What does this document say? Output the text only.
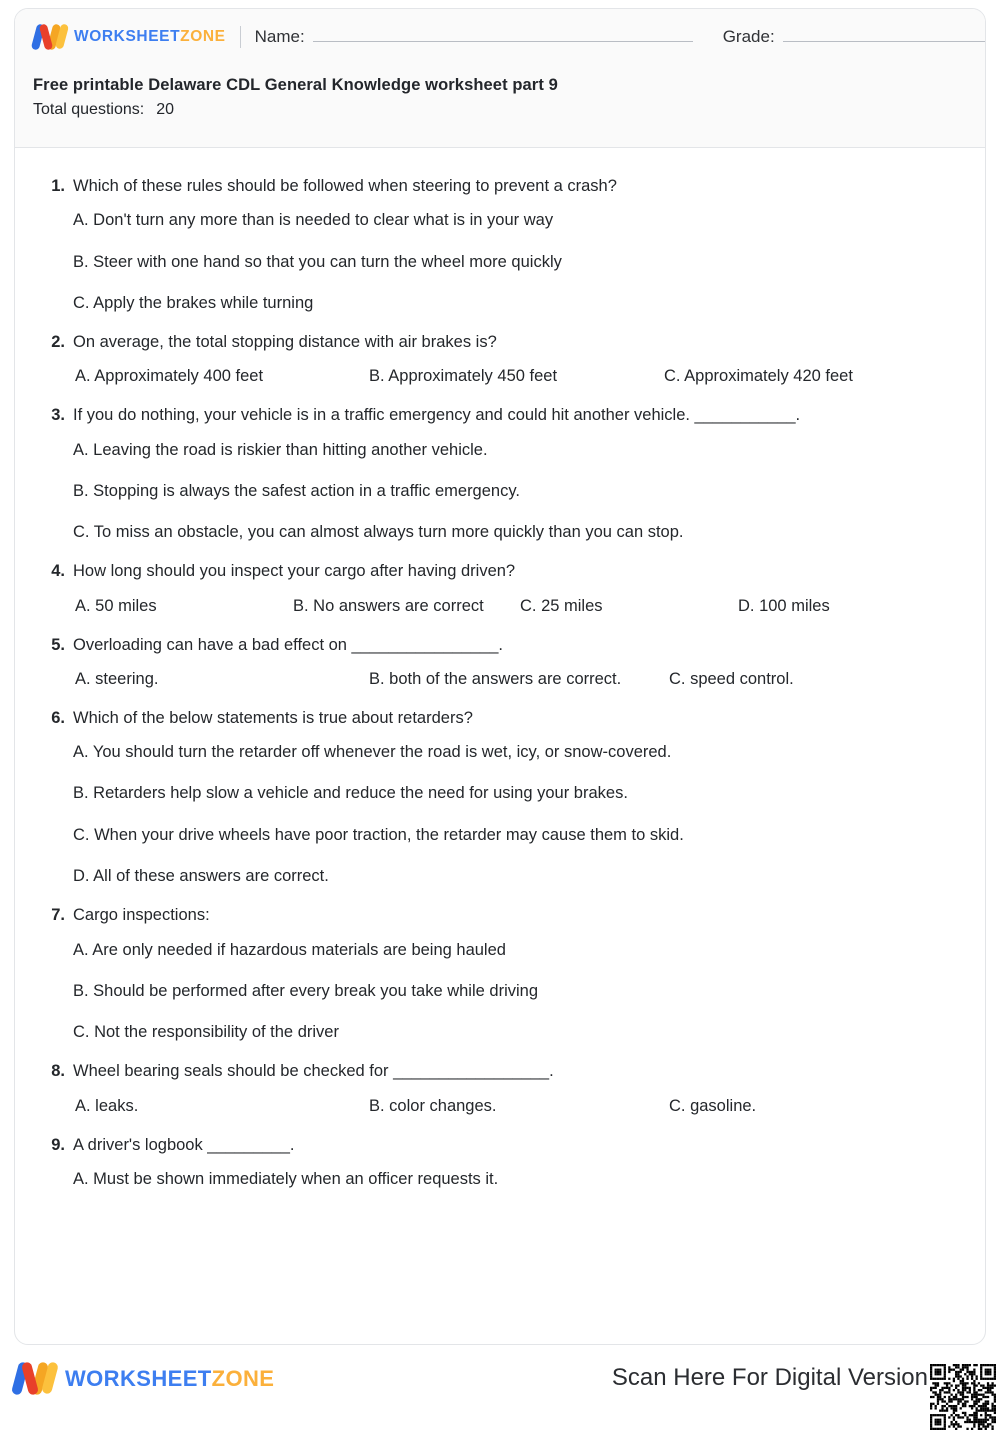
WORKSHEETZONE Name:	Grade:
Free printable Delaware CDL General Knowledge worksheet part 9
Total questions: 20
1. Which of these rules should be followed when steering to prevent a crash?
A. Don't turn any more than is needed to clear what is in your way
B. Steer with one hand so that you can turn the wheel more quickly
C. Apply the brakes while turning
2. On average, the total stopping distance with air brakes is?
A. Approximately 400 feet	B. Approximately 450 feet	C. Approximately 420 feet
3. If you do nothing, your vehicle is in a traffic emergency and could hit another vehicle. ___________.
A. Leaving the road is riskier than hitting another vehicle.
B. Stopping is always the safest action in a traffic emergency.
C. To miss an obstacle, you can almost always turn more quickly than you can stop.
4. How long should you inspect your cargo after having driven?
A. 50 miles	B. No answers are correct C. 25 miles	D. 100 miles
5. Overloading can have a bad effect on ________________.
A. steering.	B. both of the answers are correct.	C. speed control.
6. Which of the below statements is true about retarders?
A. You should turn the retarder off whenever the road is wet, icy, or snow-covered.
B. Retarders help slow a vehicle and reduce the need for using your brakes.
C. When your drive wheels have poor traction, the retarder may cause them to skid.
D. All of these answers are correct.
7. Cargo inspections:
A. Are only needed if hazardous materials are being hauled
B. Should be performed after every break you take while driving
C. Not the responsibility of the driver
8. Wheel bearing seals should be checked for _________________.
A. leaks.	B. color changes.	C. gasoline.
9. A driver's logbook _________.
A. Must be shown immediately when an officer requests it.
WORKSHEETZONE	Scan Here For Digital Version
